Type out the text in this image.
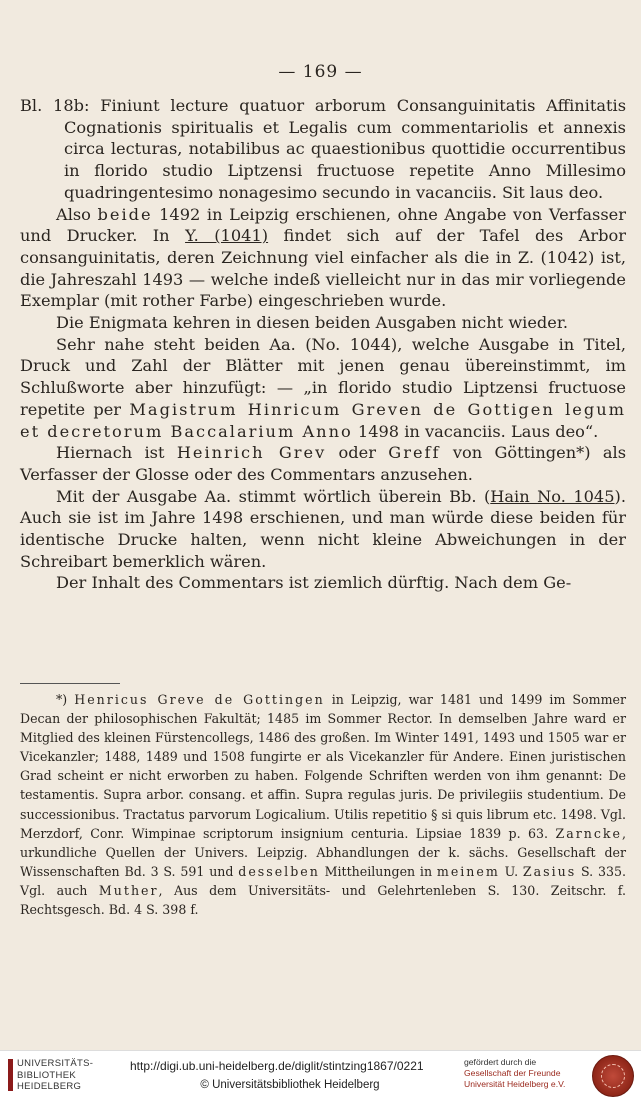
— 169 —

Bl. 18b: Finiunt lecture quatuor arborum Consanguinitatis Affinitatis Cognationis spiritualis et Legalis cum commentariolis et annexis circa lecturas, notabilibus ac quaestionibus quottidie occurrentibus in florido studio Liptzensi fructuose repetite Anno Millesimo quadringentesimo nonagesimo secundo in vacanciis. Sit laus deo.

Also beide 1492 in Leipzig erschienen, ohne Angabe von Verfasser und Drucker. In Y. (1041) findet sich auf der Tafel des Arbor consanguinitatis, deren Zeichnung viel einfacher als die in Z. (1042) ist, die Jahreszahl 1493 — welche indeß vielleicht nur in das mir vorliegende Exemplar (mit rother Farbe) eingeschrieben wurde.

Die Enigmata kehren in diesen beiden Ausgaben nicht wieder.

Sehr nahe steht beiden Aa. (No. 1044), welche Ausgabe in Titel, Druck und Zahl der Blätter mit jenen genau übereinstimmt, im Schlußworte aber hinzufügt: — „in florido studio Liptzensi fructuose repetite per Magistrum Hinricum Greven de Gottigen legum et decretorum Baccalarium Anno 1498 in vacanciis. Laus deo“.

Hiernach ist Heinrich Grev oder Greff von Göttingen*) als Verfasser der Glosse oder des Commentars anzusehen.

Mit der Ausgabe Aa. stimmt wörtlich überein Bb. (Hain No. 1045). Auch sie ist im Jahre 1498 erschienen, und man würde diese beiden für identische Drucke halten, wenn nicht kleine Abweichungen in der Schreibart bemerklich wären.

Der Inhalt des Commentars ist ziemlich dürftig. Nach dem Ge-

*) Henricus Greve de Gottingen in Leipzig, war 1481 und 1499 im Sommer Decan der philosophischen Fakultät; 1485 im Sommer Rector. In demselben Jahre ward er Mitglied des kleinen Fürstencollegs, 1486 des großen. Im Winter 1491, 1493 und 1505 war er Vicekanzler; 1488, 1489 und 1508 fungirte er als Vicekanzler für Andere. Einen juristischen Grad scheint er nicht erworben zu haben. Folgende Schriften werden von ihm genannt: De testamentis. Supra arbor. consang. et affin. Supra regulas juris. De privilegiis studentium. De successionibus. Tractatus parvorum Logicalium. Utilis repetitio § si quis librum etc. 1498. Vgl. Merzdorf, Conr. Wimpinae scriptorum insignium centuria. Lipsiae 1839 p. 63. Zarncke, urkundliche Quellen der Univers. Leipzig. Abhandlungen der k. sächs. Gesellschaft der Wissenschaften Bd. 3 S. 591 und desselben Mittheilungen in meinem U. Zasius S. 335. Vgl. auch Muther, Aus dem Universitäts- und Gelehrtenleben S. 130. Zeitschr. f. Rechtsgesch. Bd. 4 S. 398 f.

UNIVERSITÄTS-
BIBLIOTHEK
HEIDELBERG
http://digi.ub.uni-heidelberg.de/diglit/stintzing1867/0221
© Universitätsbibliothek Heidelberg
gefördert durch die
Gesellschaft der Freunde
Universität Heidelberg e.V.
